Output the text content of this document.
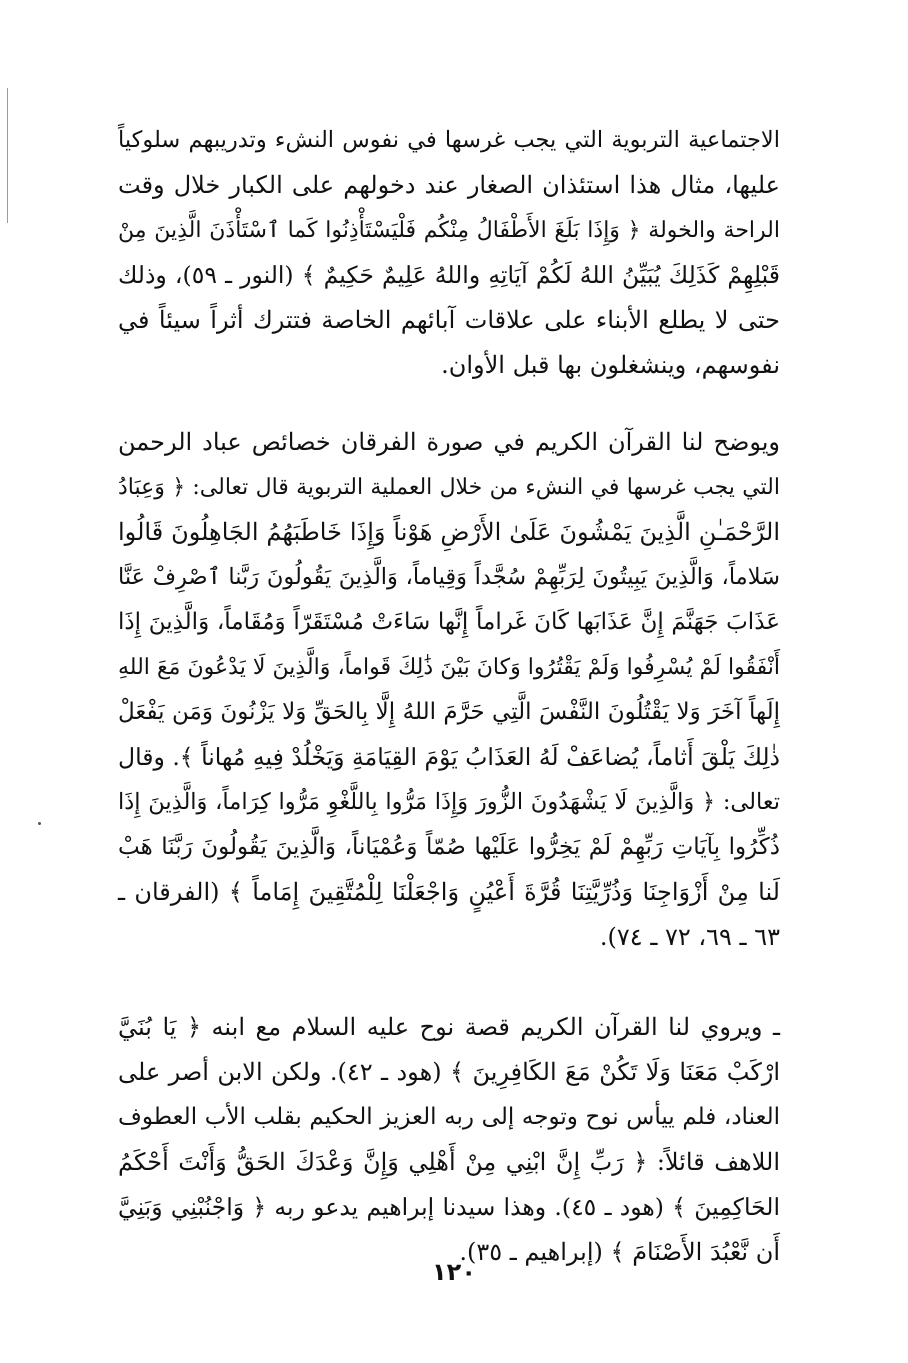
الاجتماعية التربوية التي يجب غرسها في نفوس النشء وتدريبهم سلوكياً
عليها، مثال هذا استئذان الصغار عند دخولهم على الكبار خلال وقت
الراحة والخولة ﴿ وَإِذَا بَلَغَ الأَطْفَالُ مِنْكُم فَلْيَسْتَأْذِنُوا كَما ٱسْتَأْذَنَ الَّذِينَ مِنْ
قَبْلِهِمْ كَذَلِكَ يُبَيِّنُ اللهُ لَكُمْ آيَاتِهِ واللهُ عَلِيمٌ حَكِيمٌ ﴾ (النور ـ ٥٩)، وذلك
حتى لا يطلع الأبناء على علاقات آبائهم الخاصة فتترك أثراً سيئاً في
نفوسهم، وينشغلون بها قبل الأوان.
ويوضح لنا القرآن الكريم في صورة الفرقان خصائص عباد الرحمن
التي يجب غرسها في النشء من خلال العملية التربوية قال تعالى: ﴿ وَعِبَادُ
الرَّحْمَـٰنِ الَّذِينَ يَمْشُونَ عَلَىٰ الأَرْضِ هَوْناً وَإِذَا خَاطَبَهُمُ الجَاهِلُونَ قَالُوا
سَلاماً، وَالَّذِينَ يَبِيتُونَ لِرَبِّهِمْ سُجَّداً وَقِياماً، وَالَّذِينَ يَقُولُونَ رَبَّنا ٱصْرِفْ عَنَّا
عَذَابَ جَهَنَّمَ إِنَّ عَذَابَها كَانَ غَراماً إِنَّها سَاءَتْ مُسْتَقَرّاً وَمُقَاماً، وَالَّذِينَ إِذَا
أَنْفَقُوا لَمْ يُسْرِفُوا وَلَمْ يَقْتُرُوا وَكانَ بَيْنَ ذَٰلِكَ قَواماً، وَالَّذِينَ لَا يَدْعُونَ مَعَ اللهِ
إِلَهاً آخَرَ وَلا يَقْتُلُونَ النَّفْسَ الَّتِي حَرَّمَ اللهُ إِلَّا بِالحَقِّ وَلا يَزْنُونَ وَمَن يَفْعَلْ
ذٰلِكَ يَلْقَ أَثاماً، يُضاعَفْ لَهُ العَذَابُ يَوْمَ القِيَامَةِ وَيَخْلُدْ فِيهِ مُهاناً ﴾. وقال
تعالى: ﴿ وَالَّذِينَ لَا يَشْهَدُونَ الزُّورَ وَإِذَا مَرُّوا بِاللَّغْوِ مَرُّوا كِرَاماً، وَالَّذِينَ إِذَا
ذُكِّرُوا بِآيَاتِ رَبِّهِمْ لَمْ يَخِرُّوا عَلَيْها صُمّاً وَعُمْيَاناً، وَالَّذِينَ يَقُولُونَ رَبَّنَا هَبْ
لَنا مِنْ أَزْوَاجِنَا وَذُرِّيَّتِنَا قُرَّةَ أَعْيُنٍ وَاجْعَلْنَا لِلْمُتَّقِينَ إِمَاماً ﴾ (الفرقان ـ
٦٣ ـ ٦٩، ٧٢ ـ ٧٤).
ـ ويروي لنا القرآن الكريم قصة نوح عليه السلام مع ابنه ﴿ يَا بُنَيَّ
ارْكَبْ مَعَنَا وَلَا تَكُنْ مَعَ الكَافِرِينَ ﴾ (هود ـ ٤٢). ولكن الابن أصر على
العناد، فلم ييأس نوح وتوجه إلى ربه العزيز الحكيم بقلب الأب العطوف
اللاهف قائلاً: ﴿ رَبِّ إِنَّ ابْنِي مِنْ أَهْلِي وَإِنَّ وَعْدَكَ الحَقُّ وَأَنْتَ أَحْكَمُ
الحَاكِمِينَ ﴾ (هود ـ ٤٥). وهذا سيدنا إبراهيم يدعو ربه ﴿ وَاجْنُبْنِي وَبَنِيَّ
أَن نَّعْبُدَ الأَصْنَامَ ﴾ (إبراهيم ـ ٣٥).
١٢٠
